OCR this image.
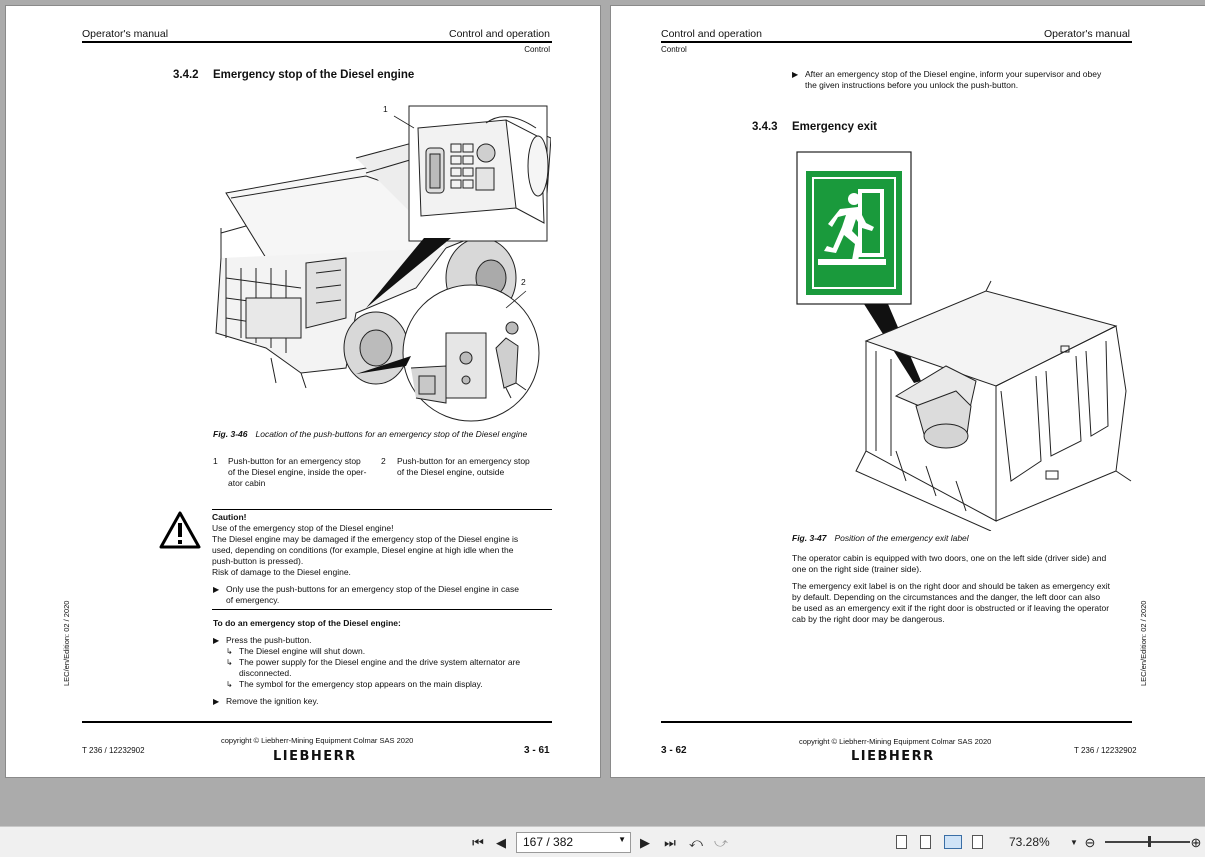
Operator's manual	Control and operation
Control
3.4.2 Emergency stop of the Diesel engine
1
2
Fig. 3-46 Location of the push-buttons for an emergency stop of the Diesel engine
1 Push-button for an emergency stop
of the Diesel engine, inside the oper-
ator cabin
2 Push-button for an emergency stop
of the Diesel engine, outside
Caution!
Use of the emergency stop of the Diesel engine!
The Diesel engine may be damaged if the emergency stop of the Diesel engine is
used, depending on conditions (for example, Diesel engine at high idle when the
push-button is pressed).
Risk of damage to the Diesel engine.
▶ Only use the push-buttons for an emergency stop of the Diesel engine in case
of emergency.
To do an emergency stop of the Diesel engine:
▶ Press the push-button.
↳ The Diesel engine will shut down.
↳ The power supply for the Diesel engine and the drive system alternator are
disconnected.
↳ The symbol for the emergency stop appears on the main display.
▶ Remove the ignition key.
LEC/en/Edition: 02 / 2020
T 236 / 12232902
copyright © Liebherr-Mining Equipment Colmar SAS 2020
LIEBHERR	3 - 61
Control and operation	Operator's manual
Control
▶ After an emergency stop of the Diesel engine, inform your supervisor and obey
the given instructions before you unlock the push-button.
3.4.3 Emergency exit
Fig. 3-47 Position of the emergency exit label
The operator cabin is equipped with two doors, one on the left side (driver side) and
one on the right side (trainer side).
The emergency exit label is on the right door and should be taken as emergency exit
by default. Depending on the circumstances and the danger, the left door can also
be used as an emergency exit if the right door is obstructed or if leaving the operator
cab by the right door may be dangerous.	LEC/en/Edition: 02 / 2020
3 - 62
copyright © Liebherr-Mining Equipment Colmar SAS 2020
LIEBHERR	T 236 / 12232902
⏮ ◀	167 / 382	▼	▶	⏭	⤺ ⤻	73.28%	▼ ⊖	⊕
